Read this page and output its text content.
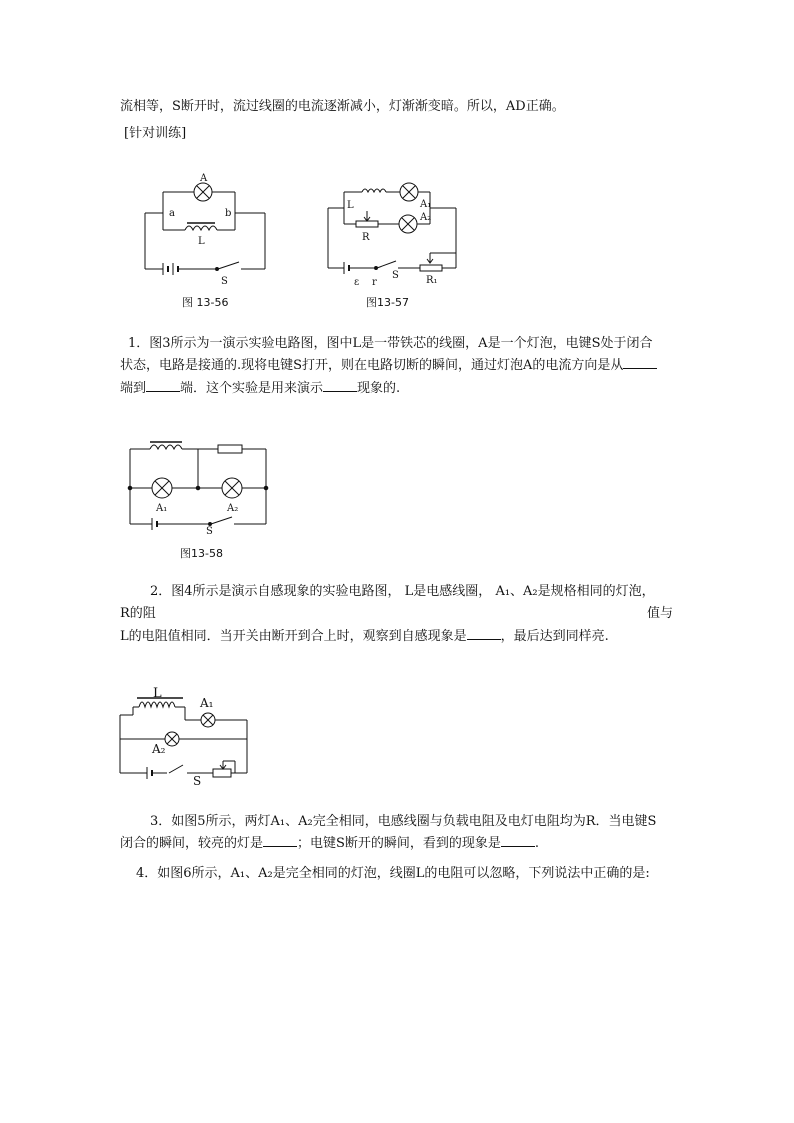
流相等，S断开时，流过线圈的电流逐渐减小，灯渐渐变暗。所以，AD正确。
[针对训练]
A
a	b
L
S
图 13-56
L
R
A₁
A₂
ε r
S	R₁
图13-57
1．图3所示为一演示实验电路图，图中L是一带铁芯的线圈，A是一个灯泡，电键S处于闭合
状态，电路是接通的.现将电键S打开，则在电路切断的瞬间，通过灯泡A的电流方向是从
端到	端．这个实验是用来演示	现象的.
A₁	A₂
S
图13-58
2．图4所示是演示自感现象的实验电路图， L是电感线圈， A₁、A₂是规格相同的灯泡，
R的阻	值与
L的电阻值相同．当开关由断开到合上时，观察到自感现象是	，最后达到同样亮.
L
A₁
A₂
S
3．如图5所示，两灯A₁、A₂完全相同，电感线圈与负载电阻及电灯电阻均为R．当电键S
闭合的瞬间，较亮的灯是	；电键S断开的瞬间，看到的现象是	.
4．如图6所示，A₁、A₂是完全相同的灯泡，线圈L的电阻可以忽略，下列说法中正确的是:
